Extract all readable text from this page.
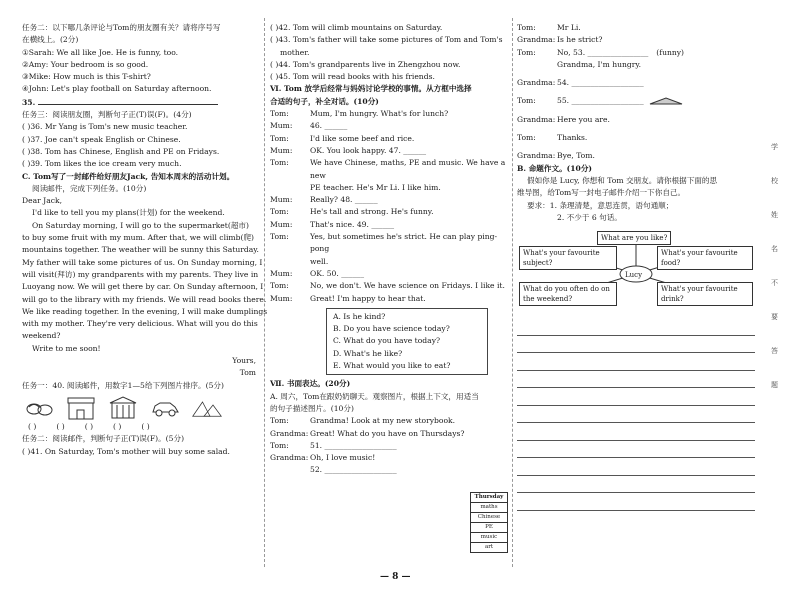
任务二：以下哪几条评论与Tom的朋友圈有关？请将序号写
在横线上。(2分)
①Sarah: We all like Joe. He is funny, too.
②Amy: Your bedroom is so good.
③Mike: How much is this T-shirt?
④John: Let's play football on Saturday afternoon.
35.
任务三：阅读朋友圈，判断句子正(T)误(F)。(4分)
( )36. Mr Yang is Tom's new music teacher.
( )37. Joe can't speak English or Chinese.
( )38. Tom has Chinese, English and PE on Fridays.
( )39. Tom likes the ice cream very much.
C. Tom写了一封邮件给好朋友Jack, 告知本周末的活动计划。
阅读邮件，完成下列任务。(10分)
Dear Jack,
I'd like to tell you my plans(计划) for the weekend.
On Saturday morning, I will go to the supermarket(超市)
to buy some fruit with my mum. After that, we will climb(爬)
mountains together. The weather will be sunny this Saturday.
My father will take some pictures of us. On Sunday morning, I
will visit(拜访) my grandparents with my parents. They live in
Luoyang now. We will get there by car. On Sunday afternoon, I
will go to the library with my friends. We will read books there.
We like reading together. In the evening, I will make dumplings
with my mother. They're very delicious. What will you do this
weekend?
Write to me soon!
Yours,
Tom
任务一：40. 阅读邮件，用数字1—5给下列图片排序。(5分)
( )	( )	( )	( )	( )
任务二：阅读邮件，判断句子正(T)误(F)。(5分)
( )41. On Saturday, Tom's mother will buy some salad.
( )42. Tom will climb mountains on Saturday.
( )43. Tom's father will take some pictures of Tom and Tom's
mother.
( )44. Tom's grandparents live in Zhengzhou now.
( )45. Tom will read books with his friends.
Ⅵ. Tom 放学后经常与妈妈讨论学校的事情。从方框中选择
合适的句子，补全对话。(10分)
Tom:	Mum, I'm hungry. What's for lunch?
Mum:	46. ______
Tom:	I'd like some beef and rice.
Mum:	OK. You look happy. 47. ______
Tom:	We have Chinese, maths, PE and music. We have a new
PE teacher. He's Mr Li. I like him.
Mum:	Really? 48. ______
Tom:	He's tall and strong. He's funny.
Mum:	That's nice. 49. ______
Tom:	Yes, but sometimes he's strict. He can play ping-pong
well.
Mum:	OK. 50. ______
Tom:	No, we don't. We have science on Fridays. I like it.
Mum:	Great! I'm happy to hear that.
A. Is he kind?
B. Do you have science today?
C. What do you have today?
D. What's he like?
E. What would you like to eat?
Ⅶ. 书面表达。(20分)
A. 周六，Tom在跟奶奶聊天。观察图片，根据上下文，用适当
的句子描述图片。(10分)
Tom:	Grandma! Look at my new storybook.
Grandma: Great! What do you have on Thursdays?
Tom:	51. ___________________
Grandma: Oh, I love music!
52. ___________________
Thursday
maths
Chinese
PE
music
art
Tom:	Mr Li.
Grandma: Is he strict?
Tom:	No, 53. ________________ (funny)
Grandma, I'm hungry.
Grandma: 54. ___________________
Tom:	55. ___________________
Grandma: Here you are.
Tom:	Thanks.
Grandma: Bye, Tom.
B. 命题作文。(10分)
假如你是 Lucy, 你想和 Tom 交朋友。请你根据下面的思
维导图，给Tom写一封电子邮件介绍一下你自己。
要求：1. 条理清楚，意思连贯，语句通顺；
2. 不少于 6 句话。
What are you like?
What's your favourite subject?
What's your favourite food?
What do you often do on the weekend?
What's your favourite drink?
Lucy
学
校
姓
名
不
要
答
题
— 8 —
